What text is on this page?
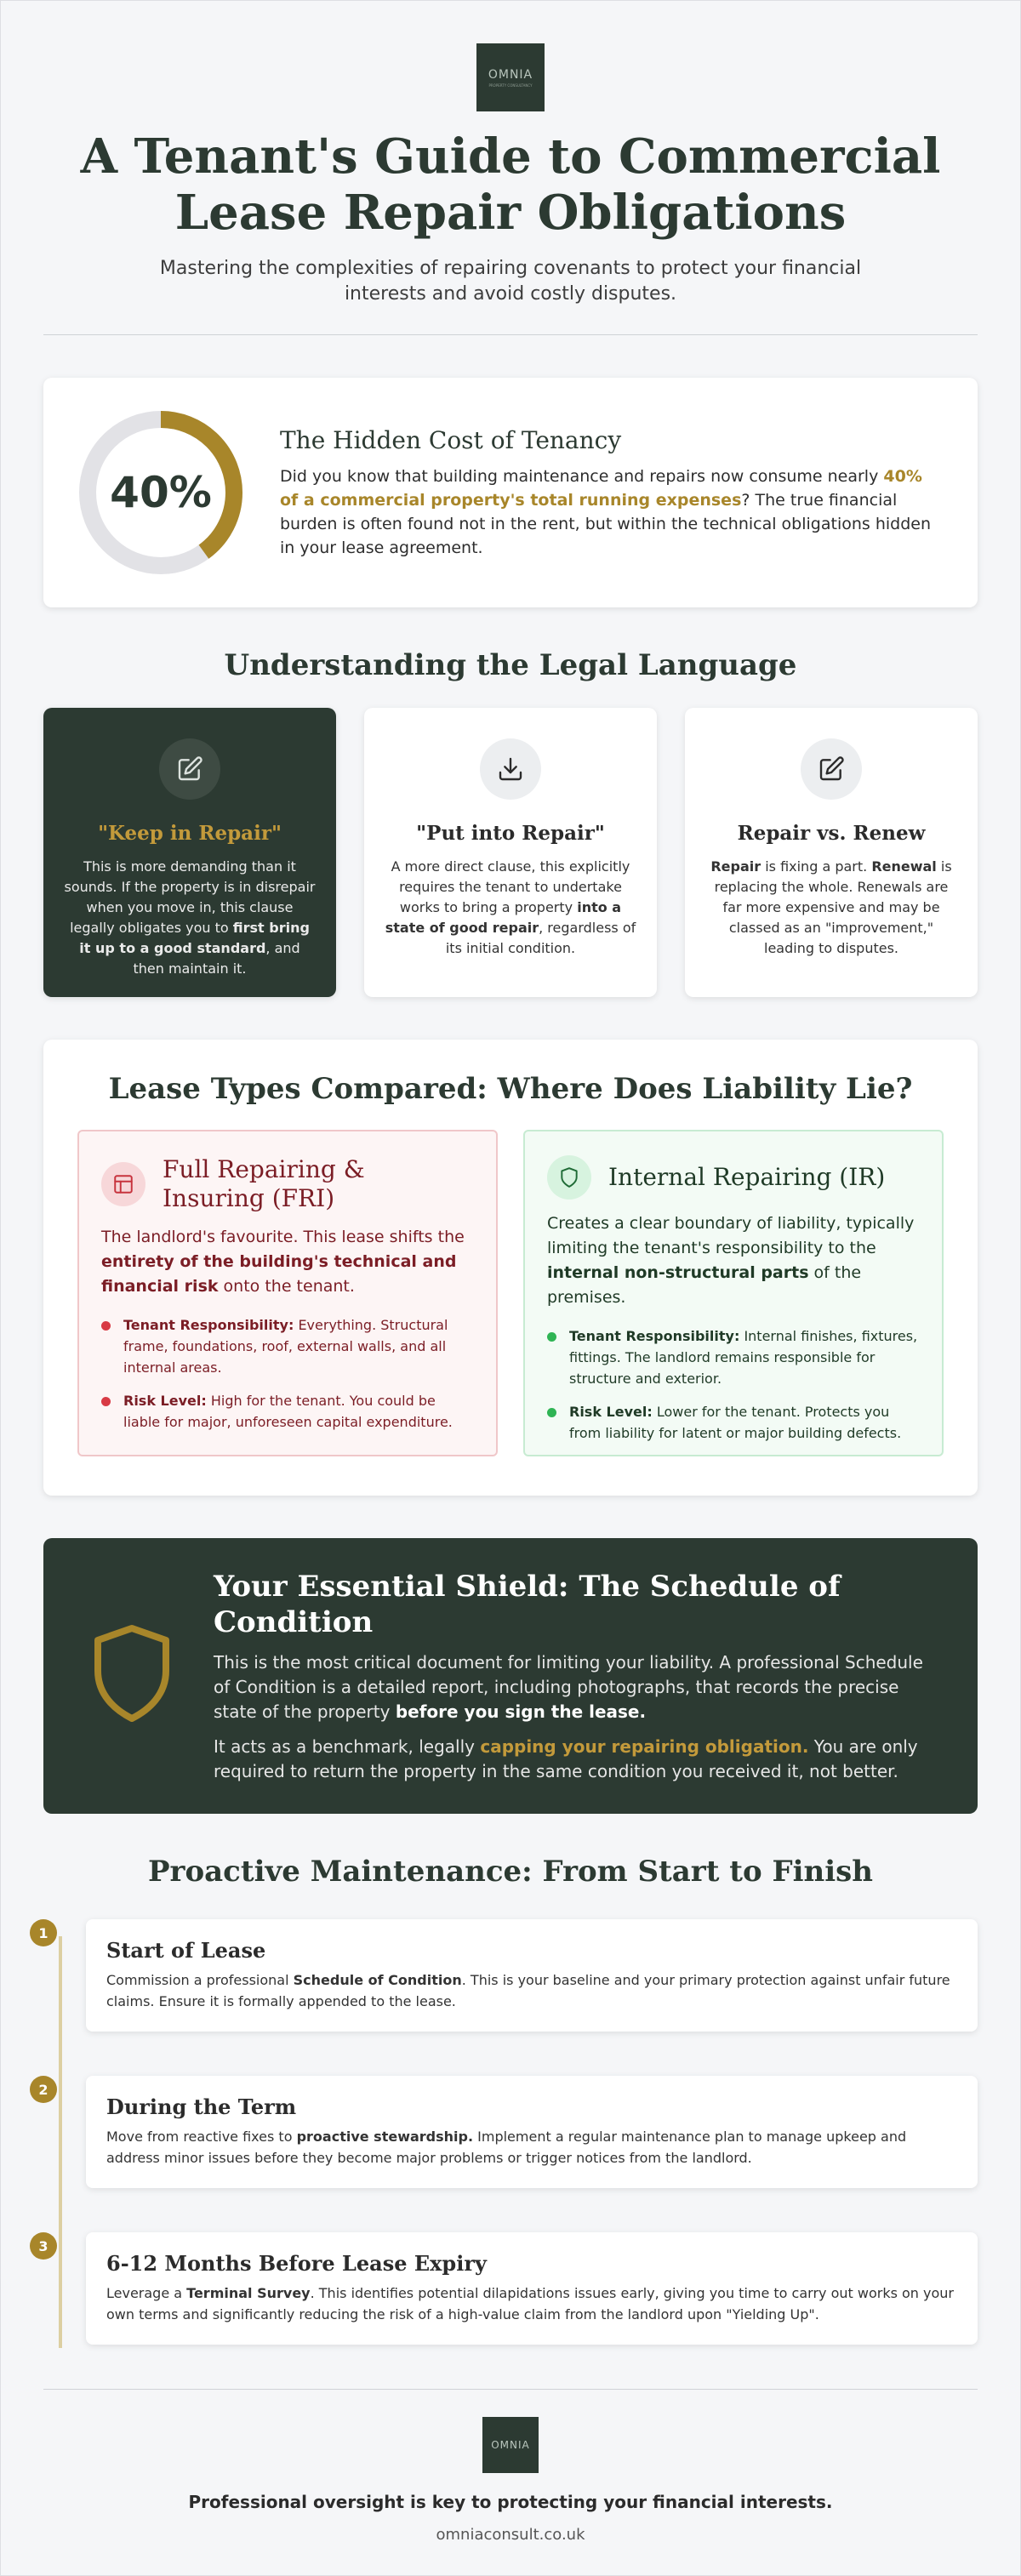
OMNIA
PROPERTY CONSULTANCY
A Tenant's Guide to Commercial
Lease Repair Obligations

Mastering the complexities of repairing covenants to protect your financial interests and avoid costly disputes.

40%
The Hidden Cost of Tenancy

Did you know that building maintenance and repairs now consume nearly 40% of a commercial property's total running expenses? The true financial burden is often found not in the rent, but within the technical obligations hidden in your lease agreement.

Understanding the Legal Language
"Keep in Repair"

This is more demanding than it sounds. If the property is in disrepair when you move in, this clause legally obligates you to first bring it up to a good standard, and then maintain it.

"Put into Repair"

A more direct clause, this explicitly requires the tenant to undertake works to bring a property into a state of good repair, regardless of its initial condition.

Repair vs. Renew

Repair is fixing a part. Renewal is replacing the whole. Renewals are far more expensive and may be classed as an "improvement," leading to disputes.

Lease Types Compared: Where Does Liability Lie?
Full Repairing & Insuring (FRI)

The landlord's favourite. This lease shifts the entirety of the building's technical and financial risk onto the tenant.

Tenant Responsibility: Everything. Structural frame, foundations, roof, external walls, and all internal areas.
Risk Level: High for the tenant. You could be liable for major, unforeseen capital expenditure.
Internal Repairing (IR)

Creates a clear boundary of liability, typically limiting the tenant's responsibility to the internal non-structural parts of the premises.

Tenant Responsibility: Internal finishes, fixtures, fittings. The landlord remains responsible for structure and exterior.
Risk Level: Lower for the tenant. Protects you from liability for latent or major building defects.
Your Essential Shield: The Schedule of Condition

This is the most critical document for limiting your liability. A professional Schedule of Condition is a detailed report, including photographs, that records the precise state of the property before you sign the lease.

It acts as a benchmark, legally capping your repairing obligation. You are only required to return the property in the same condition you received it, not better.

Proactive Maintenance: From Start to Finish
1
Start of Lease

Commission a professional Schedule of Condition. This is your baseline and your primary protection against unfair future claims. Ensure it is formally appended to the lease.

2
During the Term

Move from reactive fixes to proactive stewardship. Implement a regular maintenance plan to manage upkeep and address minor issues before they become major problems or trigger notices from the landlord.

3
6-12 Months Before Lease Expiry

Leverage a Terminal Survey. This identifies potential dilapidations issues early, giving you time to carry out works on your own terms and significantly reducing the risk of a high-value claim from the landlord upon "Yielding Up".

OMNIA

Professional oversight is key to protecting your financial interests.

omniaconsult.co.uk
